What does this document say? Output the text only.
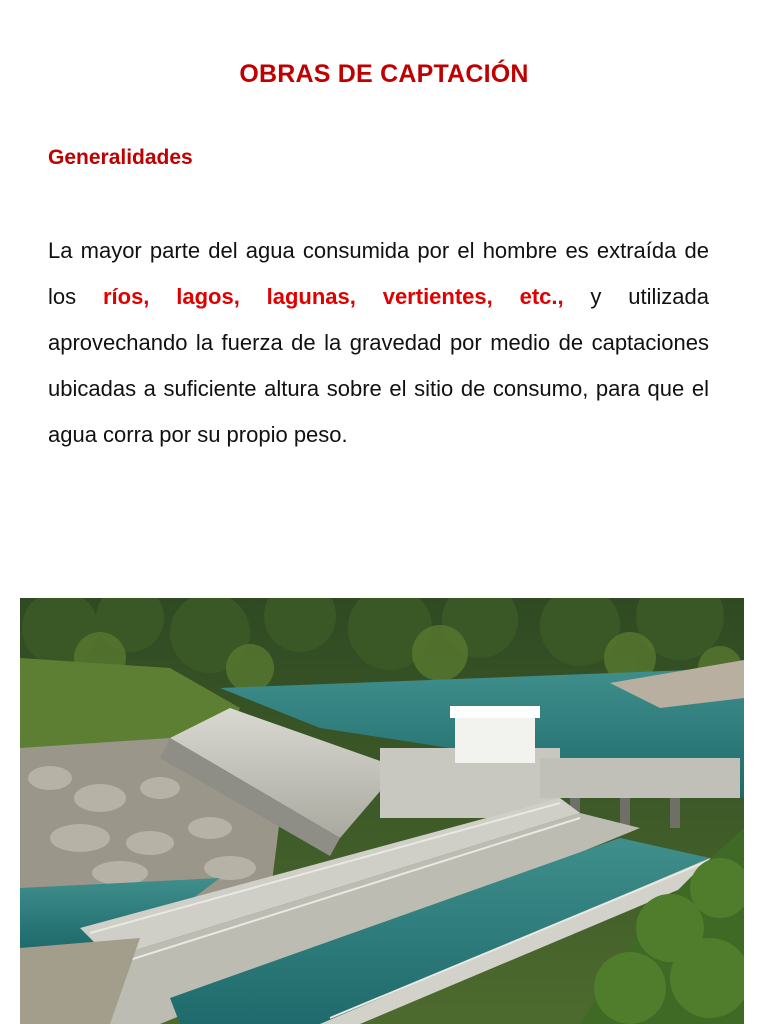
OBRAS DE CAPTACIÓN
Generalidades

La mayor parte del agua consumida por el hombre es extraída de los ríos, lagos, lagunas, vertientes, etc., y utilizada aprovechando la fuerza de la gravedad por medio de captaciones ubicadas a suficiente altura sobre el sitio de consumo, para que el agua corra por su propio peso.
